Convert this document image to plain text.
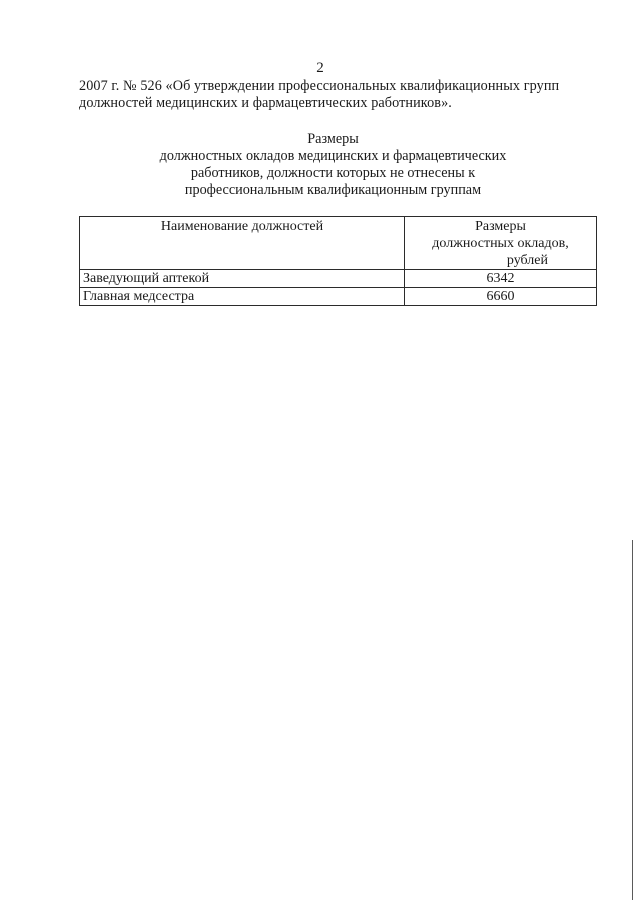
2
2007 г. № 526 «Об утверждении профессиональных квалификационных групп
должностей медицинских и фармацевтических работников».
Размеры
должностных окладов медицинских и фармацевтических
работников, должности которых не отнесены к
профессиональным квалификационным группам
Наименование должностей	Размеры
должностных окладов,
рублей

Заведующий аптекой	6342
Главная медсестра	6660
